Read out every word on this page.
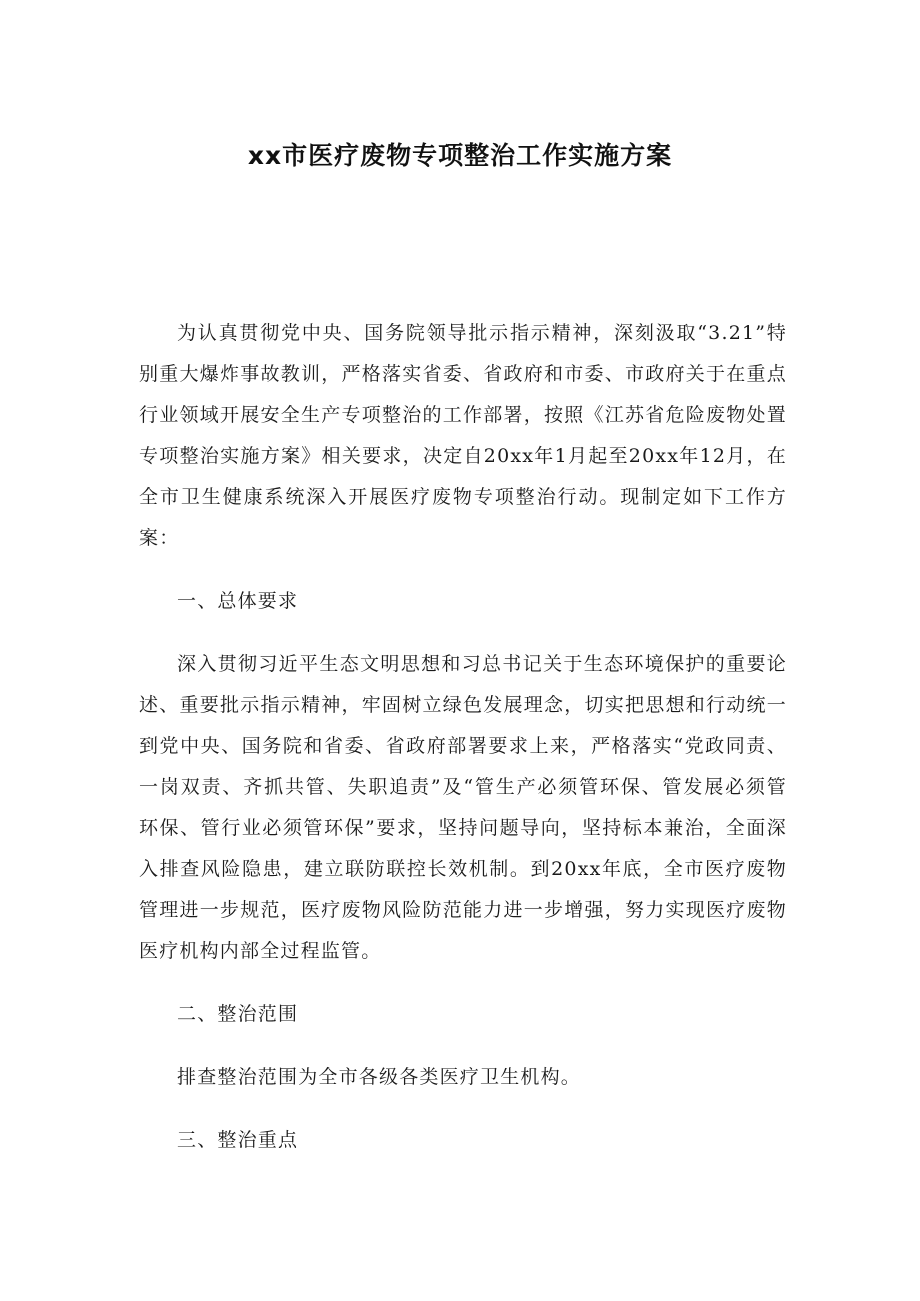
xx市医疗废物专项整治工作实施方案

为认真贯彻党中央、国务院领导批示指示精神，深刻汲取“3.21”特别重大爆炸事故教训，严格落实省委、省政府和市委、市政府关于在重点行业领域开展安全生产专项整治的工作部署，按照《江苏省危险废物处置专项整治实施方案》相关要求，决定自20xx年1月起至20xx年12月，在全市卫生健康系统深入开展医疗废物专项整治行动。现制定如下工作方案：

一、总体要求

深入贯彻习近平生态文明思想和习总书记关于生态环境保护的重要论述、重要批示指示精神，牢固树立绿色发展理念，切实把思想和行动统一到党中央、国务院和省委、省政府部署要求上来，严格落实“党政同责、一岗双责、齐抓共管、失职追责”及“管生产必须管环保、管发展必须管环保、管行业必须管环保”要求，坚持问题导向，坚持标本兼治，全面深入排查风险隐患，建立联防联控长效机制。到20xx年底，全市医疗废物管理进一步规范，医疗废物风险防范能力进一步增强，努力实现医疗废物医疗机构内部全过程监管。

二、整治范围

排查整治范围为全市各级各类医疗卫生机构。

三、整治重点
